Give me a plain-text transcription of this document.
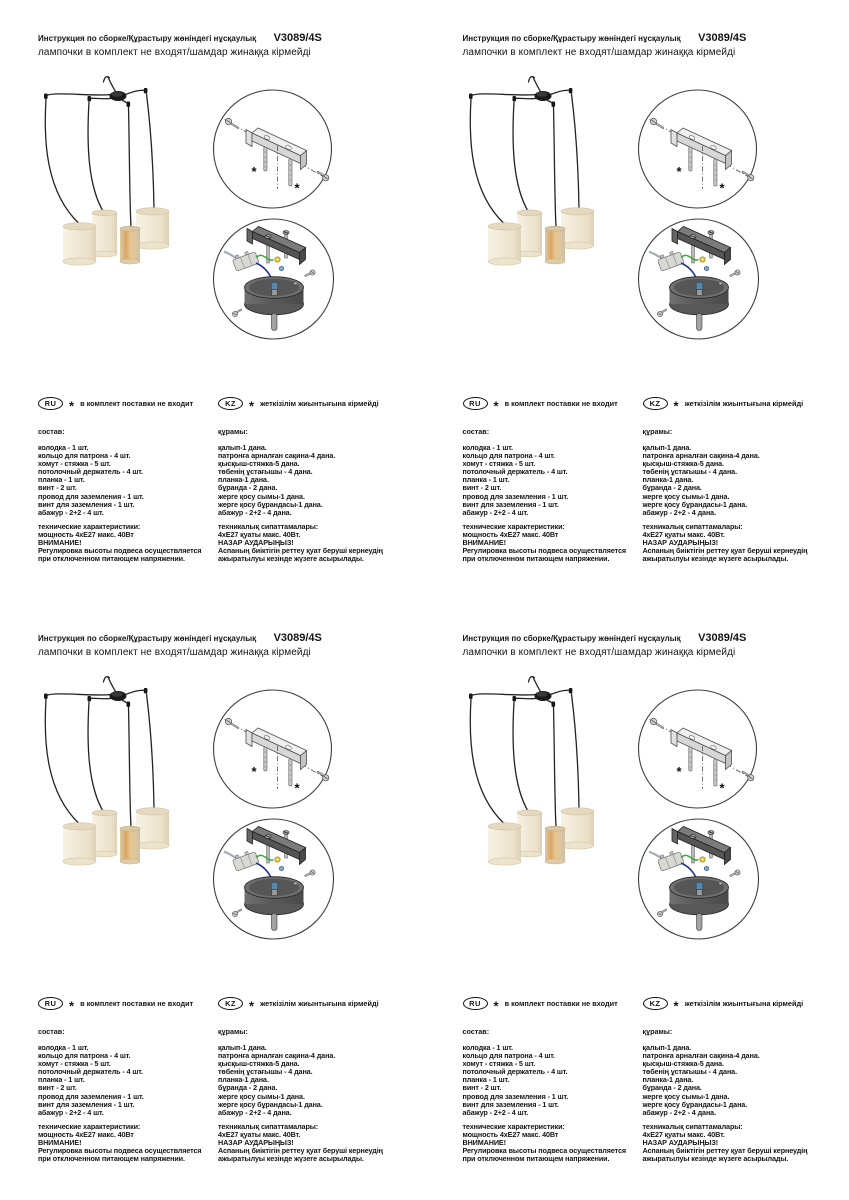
*
*
Инструкция по сборке/Құрастыру жөніндегі нұсқаулық V3089/4S
лампочки в комплект не входят/шамдар жинаққа кірмейді
RU * в комплект поставки не входит
состав:
колодка - 1 шт.
кольцо для патрона - 4 шт.
хомут - стяжка - 5 шт.
потолочный держатель - 4 шт.
планка - 1 шт.
винт - 2 шт.
провод для заземления - 1 шт.
винт для заземления - 1 шт.
абажур - 2+2 - 4 шт.
технические характеристики:
мощность 4хЕ27 макс. 40Вт
ВНИМАНИЕ!
Регулировка высоты подвеса осуществляется
при отключенном питающем напряжении.
KZ	* жеткізілім жиынтығына кірмейді
құрамы:
қалып-1 дана.
патронға арналған сақина-4 дана.
қысқыш-стяжка-5 дана.
төбенің ұстағышы - 4 дана.
планка-1 дана.
бұранда - 2 дана.
жерге қосу сымы-1 дана.
жерге қосу бұрандасы-1 дана.
абажур - 2+2 - 4 дана.
техникалық сипаттамалары:
4хЕ27 қуаты макс. 40Вт.
НАЗАР АУДАРЫҢЫЗ!
Аспаның биіктігін реттеу қуат беруші кернеудің
ажыратылуы кезінде жүзеге асырылады.
*
*
Инструкция по сборке/Құрастыру жөніндегі нұсқаулық V3089/4S
лампочки в комплект не входят/шамдар жинаққа кірмейді
RU * в комплект поставки не входит
состав:
колодка - 1 шт.
кольцо для патрона - 4 шт.
хомут - стяжка - 5 шт.
потолочный держатель - 4 шт.
планка - 1 шт.
винт - 2 шт.
провод для заземления - 1 шт.
винт для заземления - 1 шт.
абажур - 2+2 - 4 шт.
технические характеристики:
мощность 4хЕ27 макс. 40Вт
ВНИМАНИЕ!
Регулировка высоты подвеса осуществляется
при отключенном питающем напряжении.
KZ	* жеткізілім жиынтығына кірмейді
құрамы:
қалып-1 дана.
патронға арналған сақина-4 дана.
қысқыш-стяжка-5 дана.
төбенің ұстағышы - 4 дана.
планка-1 дана.
бұранда - 2 дана.
жерге қосу сымы-1 дана.
жерге қосу бұрандасы-1 дана.
абажур - 2+2 - 4 дана.
техникалық сипаттамалары:
4хЕ27 қуаты макс. 40Вт.
НАЗАР АУДАРЫҢЫЗ!
Аспаның биіктігін реттеу қуат беруші кернеудің
ажыратылуы кезінде жүзеге асырылады.
*
*
Инструкция по сборке/Құрастыру жөніндегі нұсқаулық V3089/4S
лампочки в комплект не входят/шамдар жинаққа кірмейді
RU * в комплект поставки не входит
состав:
колодка - 1 шт.
кольцо для патрона - 4 шт.
хомут - стяжка - 5 шт.
потолочный держатель - 4 шт.
планка - 1 шт.
винт - 2 шт.
провод для заземления - 1 шт.
винт для заземления - 1 шт.
абажур - 2+2 - 4 шт.
технические характеристики:
мощность 4хЕ27 макс. 40Вт
ВНИМАНИЕ!
Регулировка высоты подвеса осуществляется
при отключенном питающем напряжении.
KZ	* жеткізілім жиынтығына кірмейді
құрамы:
қалып-1 дана.
патронға арналған сақина-4 дана.
қысқыш-стяжка-5 дана.
төбенің ұстағышы - 4 дана.
планка-1 дана.
бұранда - 2 дана.
жерге қосу сымы-1 дана.
жерге қосу бұрандасы-1 дана.
абажур - 2+2 - 4 дана.
техникалық сипаттамалары:
4хЕ27 қуаты макс. 40Вт.
НАЗАР АУДАРЫҢЫЗ!
Аспаның биіктігін реттеу қуат беруші кернеудің
ажыратылуы кезінде жүзеге асырылады.
*
*
Инструкция по сборке/Құрастыру жөніндегі нұсқаулық V3089/4S
лампочки в комплект не входят/шамдар жинаққа кірмейді
RU * в комплект поставки не входит
состав:
колодка - 1 шт.
кольцо для патрона - 4 шт.
хомут - стяжка - 5 шт.
потолочный держатель - 4 шт.
планка - 1 шт.
винт - 2 шт.
провод для заземления - 1 шт.
винт для заземления - 1 шт.
абажур - 2+2 - 4 шт.
технические характеристики:
мощность 4хЕ27 макс. 40Вт
ВНИМАНИЕ!
Регулировка высоты подвеса осуществляется
при отключенном питающем напряжении.
KZ	* жеткізілім жиынтығына кірмейді
құрамы:
қалып-1 дана.
патронға арналған сақина-4 дана.
қысқыш-стяжка-5 дана.
төбенің ұстағышы - 4 дана.
планка-1 дана.
бұранда - 2 дана.
жерге қосу сымы-1 дана.
жерге қосу бұрандасы-1 дана.
абажур - 2+2 - 4 дана.
техникалық сипаттамалары:
4хЕ27 қуаты макс. 40Вт.
НАЗАР АУДАРЫҢЫЗ!
Аспаның биіктігін реттеу қуат беруші кернеудің
ажыратылуы кезінде жүзеге асырылады.
